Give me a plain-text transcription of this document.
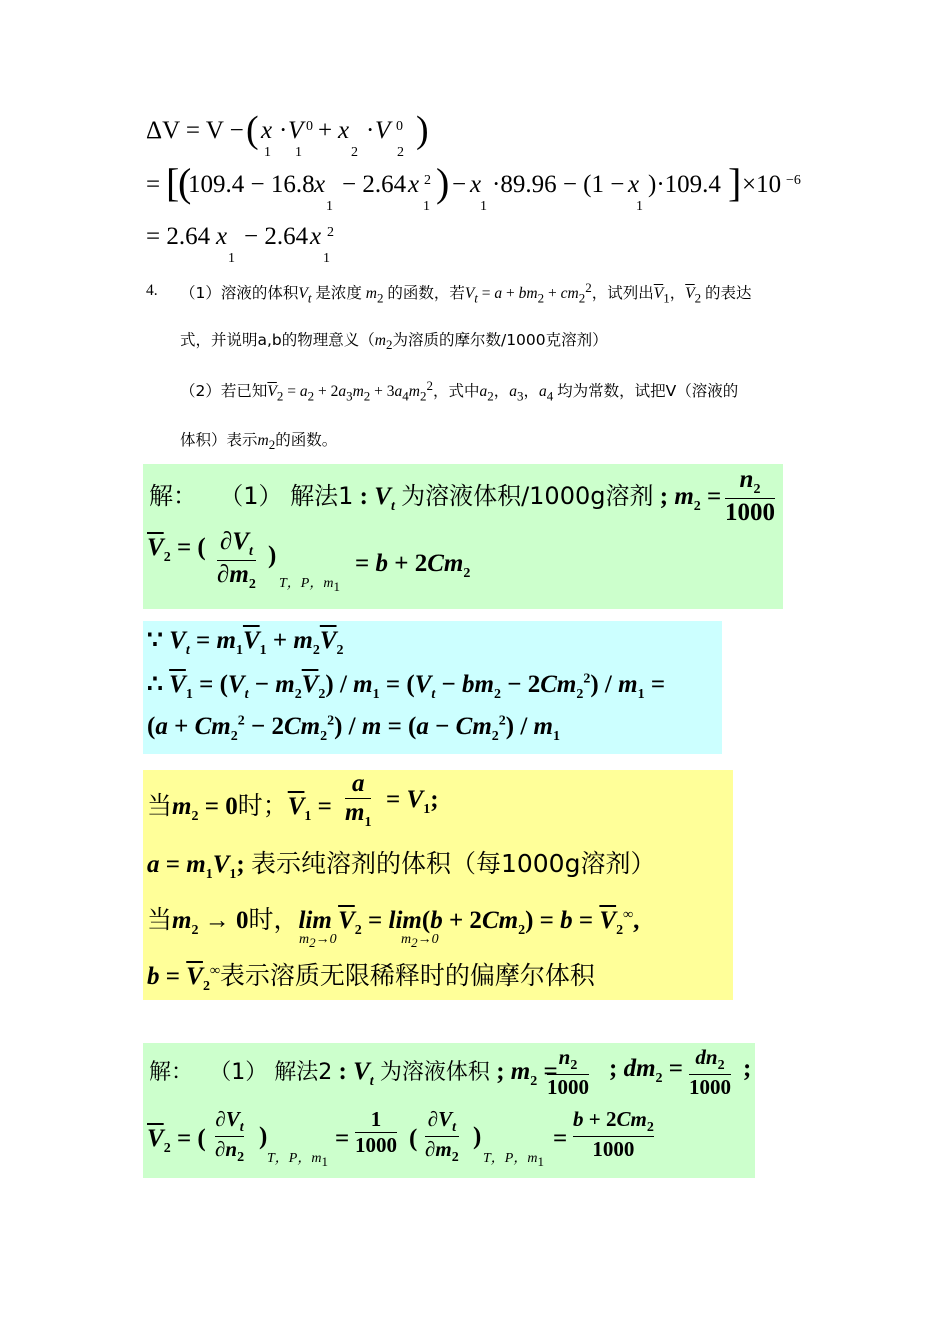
ΔV = V − ( x
1
· V
1
0 + x
2
· V
2
0 )
= [
(
109.4 − 16.8 x
1
− 2.64 x
1
2 ) − x
1
·89.96 − (1 − x
1
)·109.4 ] ×10 −6
= 2.64 x
1
− 2.64 x
1
2
4. （1）溶液的体积$V_t$ 是浓度 $m_2$ 的函数，若$V_t = a + bm_2 + cm_2^2$，试列出$\overline{V}_1$，$\overline{V}_2$ 的表达
式，并说明a,b的物理意义（$m_2$为溶质的摩尔数/1000克溶剂）
（2）若已知$\overline{V}_2 = a_2 + 2a_3m_2 + 3a_4m_2^2$，式中$a_2$，$a_3$，$a_4$ 均为常数，试把V（溶液的
体积）表示$m_2$的函数。
解： （1） 解法1 : $V_t$ 为溶液体积/1000g溶剂 ; $m_2$ =
$n_2$
1000
$\overline{V}_2$ = ( $\partial V_t$
$\partial m_2$
)
T，P，$m_1$
= $b + 2Cm_2$
∵ $V_t = m_1\overline{V}_1 + m_2\overline{V}_2$
∴ $\overline{V}_1 = (V_t - m_2\overline{V}_2) / m_1 = (V_t - bm_2 - 2Cm_2^2) / m_1$ =
$(a + Cm_2^2 - 2Cm_2^2) / m = (a - Cm_2^2) / m_1$
当$m_2 = 0$时；$\overline{V}_1$ =
a
$m_1$
= $V_1$;
$a = m_1V_1$; 表示纯溶剂的体积（每1000g溶剂）
当$m_2 \to 0$时，$\lim \overline{V}_2 = \lim(b + 2Cm_2) = b = \overline{V}_2^\infty$,
$m_2\to 0$	$m_2\to 0$
$b = \overline{V}_2^\infty$表示溶质无限稀释时的偏摩尔体积
解： （1） 解法2 : $V_t$ 为溶液体积 ; $m_2$ =
$n_2$
1000
; $dm_2 = dn_2$
1000
;
$\overline{V}_2$ = (
$\partial V_t$
$\partial n_2$
)
T，P，$m_1$
=
1
1000 (
$\partial V_t$
$\partial m_2$
)
T，P，$m_1$
=
$b + 2Cm_2$
1000
